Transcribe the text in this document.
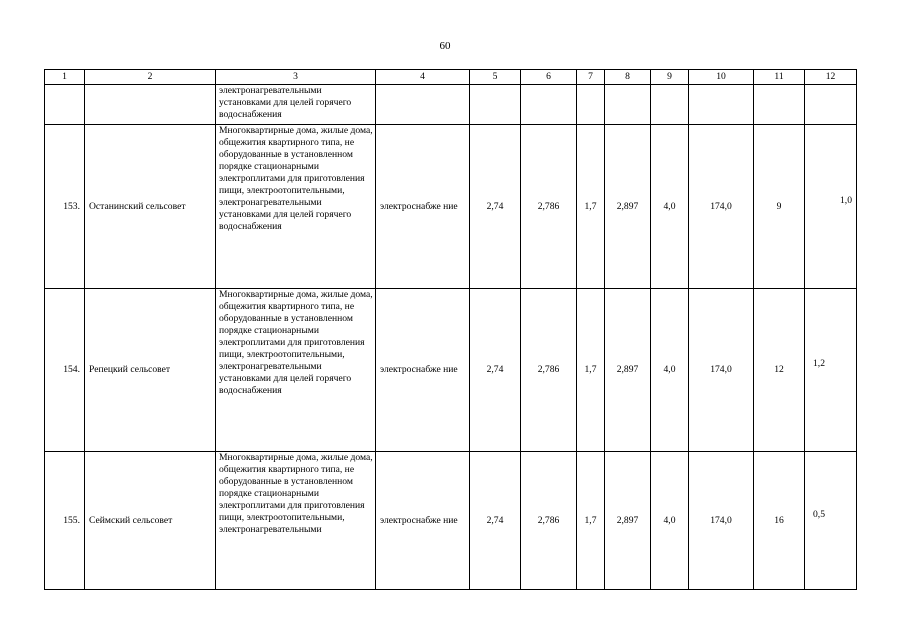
60
1	2	3	4	5	6	7	8	9	10	11	12
		электронагревательными установками для целей горячего водоснабжения									
153.	Останинский сельсовет	Многоквартирные дома, жилые дома, общежития квартирного типа, не оборудованные в установленном порядке стационарными электроплитами для приготовления пищи, электроотопительными, электронагревательными установками для целей горячего водоснабжения	электроснабже ние	2,74	2,786	1,7	2,897	4,0	174,0	9	1,0
154.	Репецкий сельсовет	Многоквартирные дома, жилые дома, общежития квартирного типа, не оборудованные в установленном порядке стационарными электроплитами для приготовления пищи, электроотопительными, электронагревательными установками для целей горячего водоснабжения	электроснабже ние	2,74	2,786	1,7	2,897	4,0	174,0	12	1,2
155.	Сеймский сельсовет	Многоквартирные дома, жилые дома, общежития квартирного типа, не оборудованные в установленном порядке стационарными электроплитами для приготовления пищи, электроотопительными, электронагревательными	электроснабже ние	2,74	2,786	1,7	2,897	4,0	174,0	16	0,5
